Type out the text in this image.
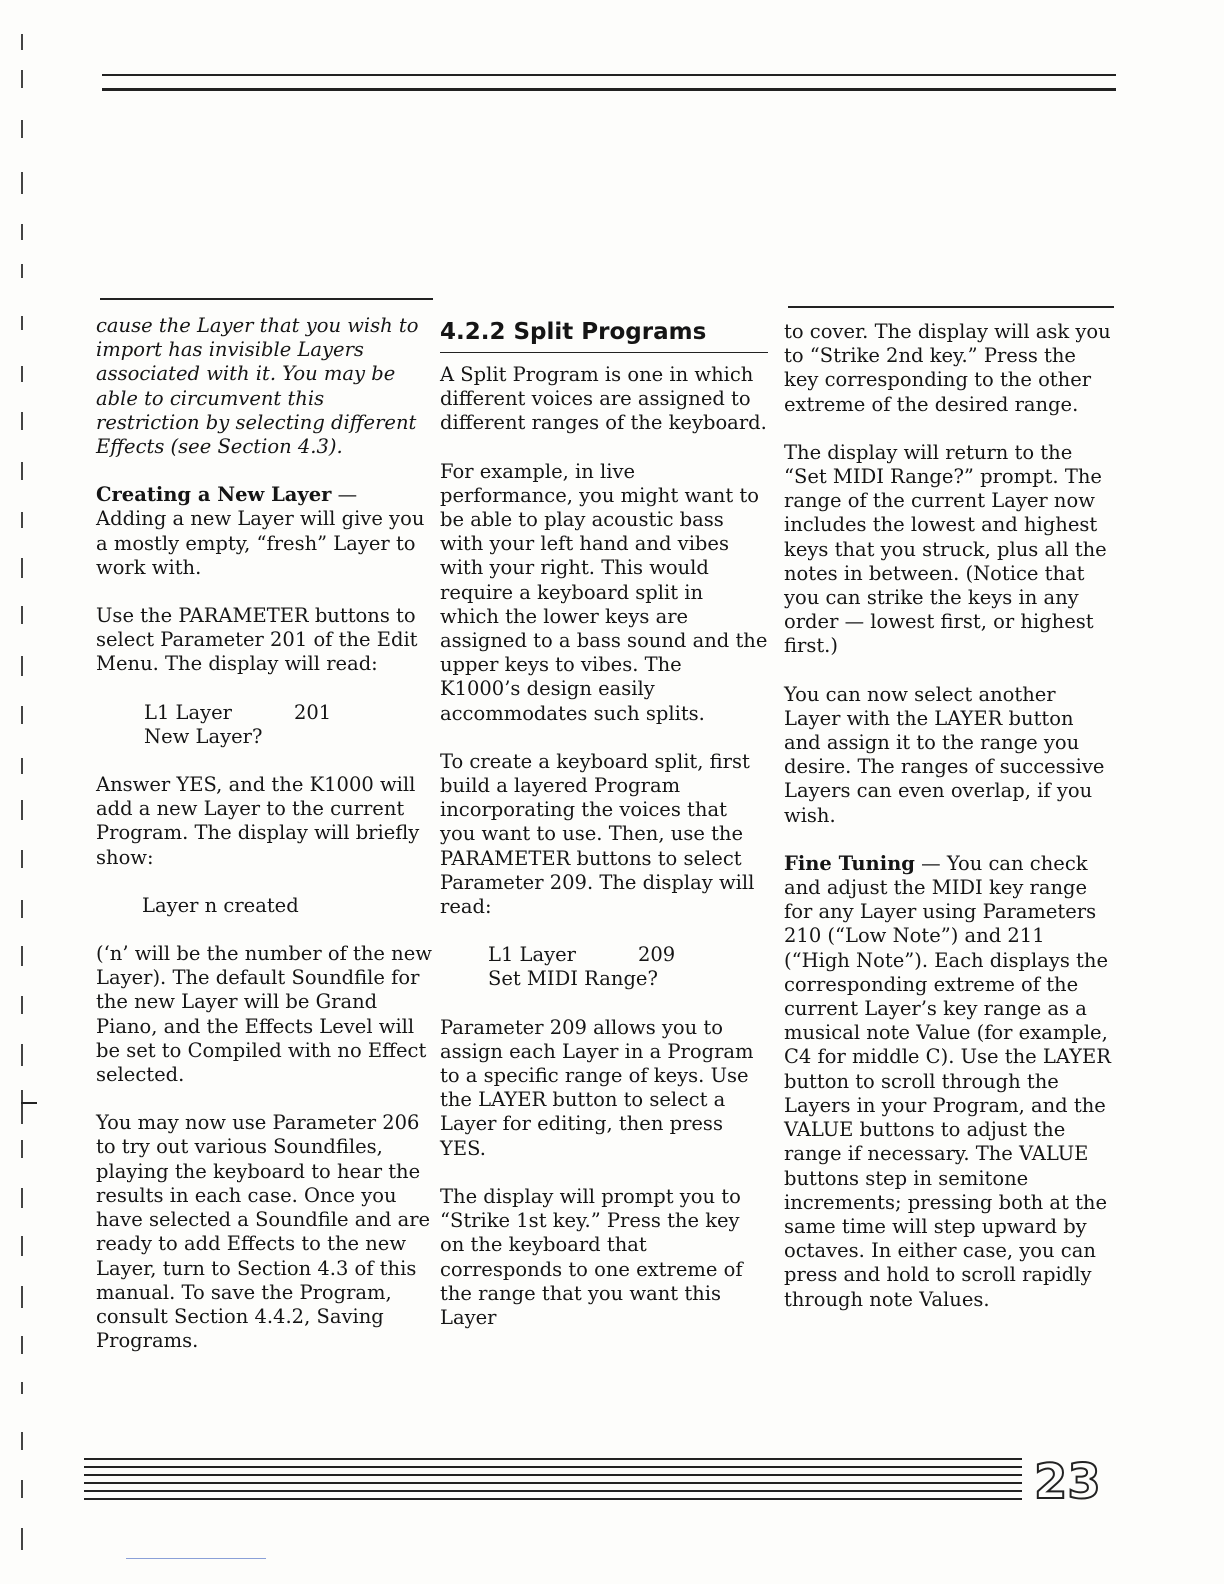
cause the Layer that you wish to import has invisible Layers associated with it. You may be able to circumvent this restriction by selecting different Effects (see Section 4.3).

Creating a New Layer — Adding a new Layer will give you a mostly empty, “fresh” Layer to work with.

Use the PARAMETER buttons to select Parameter 201 of the Edit Menu. The display will read:

L1 Layer          201
New Layer?

Answer YES, and the K1000 will add a new Layer to the current Program. The display will briefly show:

Layer n created

(‘n’ will be the number of the new Layer). The default Soundfile for the new Layer will be Grand Piano, and the Effects Level will be set to Compiled with no Effect selected.

You may now use Parameter 206 to try out various Soundfiles, playing the keyboard to hear the results in each case. Once you have selected a Soundfile and are ready to add Effects to the new Layer, turn to Section 4.3 of this manual. To save the Program, consult Section 4.4.2, Saving Programs.

4.2.2 Split Programs

A Split Program is one in which different voices are assigned to different ranges of the keyboard.

For example, in live performance, you might want to be able to play acoustic bass with your left hand and vibes with your right. This would require a keyboard split in which the lower keys are assigned to a bass sound and the upper keys to vibes. The K1000’s design easily accommodates such splits.

To create a keyboard split, first build a layered Program incorporating the voices that you want to use. Then, use the PARAMETER buttons to select Parameter 209. The display will read:

L1 Layer          209
Set MIDI Range?

Parameter 209 allows you to assign each Layer in a Program to a specific range of keys. Use the LAYER button to select a Layer for editing, then press YES.

The display will prompt you to “Strike 1st key.” Press the key on the keyboard that corresponds to one extreme of the range that you want this Layer

to cover. The display will ask you to “Strike 2nd key.” Press the key corresponding to the other extreme of the desired range.

The display will return to the “Set MIDI Range?” prompt. The range of the current Layer now includes the lowest and highest keys that you struck, plus all the notes in between. (Notice that you can strike the keys in any order — lowest first, or highest first.)

You can now select another Layer with the LAYER button and assign it to the range you desire. The ranges of successive Layers can even overlap, if you wish.

Fine Tuning — You can check and adjust the MIDI key range for any Layer using Parameters 210 (“Low Note”) and 211 (“High Note”). Each displays the corresponding extreme of the current Layer’s key range as a musical note Value (for example, C4 for middle C). Use the LAYER button to scroll through the Layers in your Program, and the VALUE buttons to adjust the range if necessary. The VALUE buttons step in semitone increments; pressing both at the same time will step upward by octaves. In either case, you can press and hold to scroll rapidly through note Values.

23
